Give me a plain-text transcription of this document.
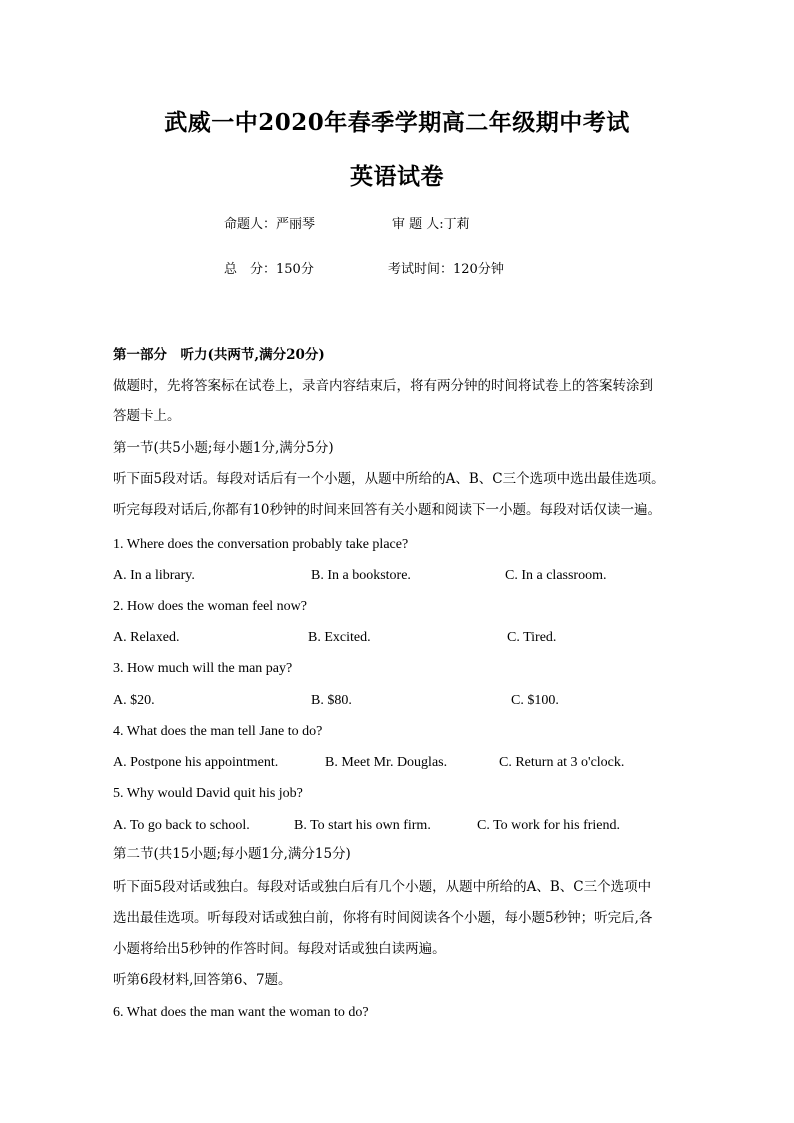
武威一中2020年春季学期高二年级期中考试
英语试卷
命题人：严丽琴	审 题 人:丁莉
总　分：150分	考试时间：120分钟
第一部分　听力(共两节,满分20分)
做题时，先将答案标在试卷上，录音内容结束后，将有两分钟的时间将试卷上的答案转涂到
答题卡上。
第一节(共5小题;每小题1分,满分5分)
听下面5段对话。每段对话后有一个小题，从题中所给的A、B、C三个选项中选出最佳选项。
听完每段对话后,你都有10秒钟的时间来回答有关小题和阅读下一小题。每段对话仅读一遍。
1. Where does the conversation probably take place?
A. In a library.	B. In a bookstore.	C. In a classroom.
2. How does the woman feel now?
A. Relaxed.	B. Excited.	C. Tired.
3. How much will the man pay?
A. $20.	B. $80.	C. $100.
4. What does the man tell Jane to do?
A. Postpone his appointment.	B. Meet Mr. Douglas.	C. Return at 3 o'clock.
5. Why would David quit his job?
A. To go back to school.	B. To start his own firm.	C. To work for his friend.
第二节(共15小题;每小题1分,满分15分)
听下面5段对话或独白。每段对话或独白后有几个小题，从题中所给的A、B、C三个选项中
选出最佳选项。听每段对话或独白前，你将有时间阅读各个小题，每小题5秒钟；听完后,各
小题将给出5秒钟的作答时间。每段对话或独白读两遍。
听第6段材料,回答第6、7题。
6. What does the man want the woman to do?
